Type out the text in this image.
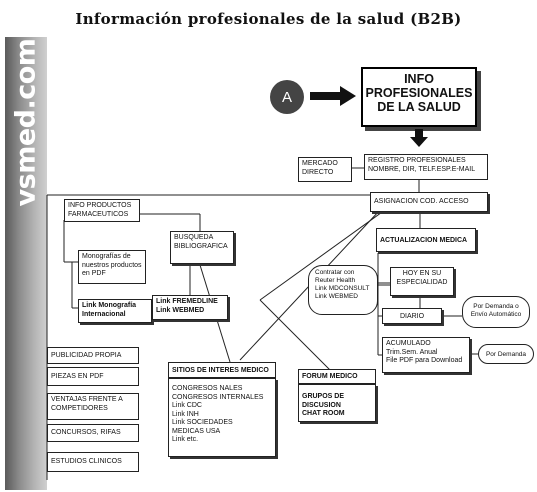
Información profesionales de la salud (B2B)
vsmed.com	A
INFO
PROFESIONALES
DE LA SALUD
MERCADO
DIRECTO
REGISTRO PROFESIONALES
NOMBRE, DIR, TELF.ESP.E-MAIL
ASIGNACION COD. ACCESO
INFO PRODUCTOS
FARMACEUTICOS
Monografías de
nuestros productos
en PDF
Link Monografía
Internacional
BUSQUEDA
BIBLIOGRAFICA
Link FREMEDLINE
Link WEBMED
ACTUALIZACION MEDICA
Contratar con
Reuter Health
Link MDCONSULT
Link WEBMED
HOY EN SU
ESPECIALIDAD
DIARIO
Por Demanda o
Envío Automático
ACUMULADO
Trim.Sem. Anual
File PDF para Download
Por Demanda
PUBLICIDAD PROPIA
PIEZAS EN PDF
VENTAJAS FRENTE A
COMPETIDORES
CONCURSOS, RIFAS
ESTUDIOS CLINICOS
SITIOS DE INTERES MEDICO
CONGRESOS NALES
CONGRESOS INTERNALES
Link CDC
Link INH
Link SOCIEDADES
MEDICAS USA
Link etc.
FORUM MEDICO
GRUPOS DE DISCUSION
CHAT ROOM
